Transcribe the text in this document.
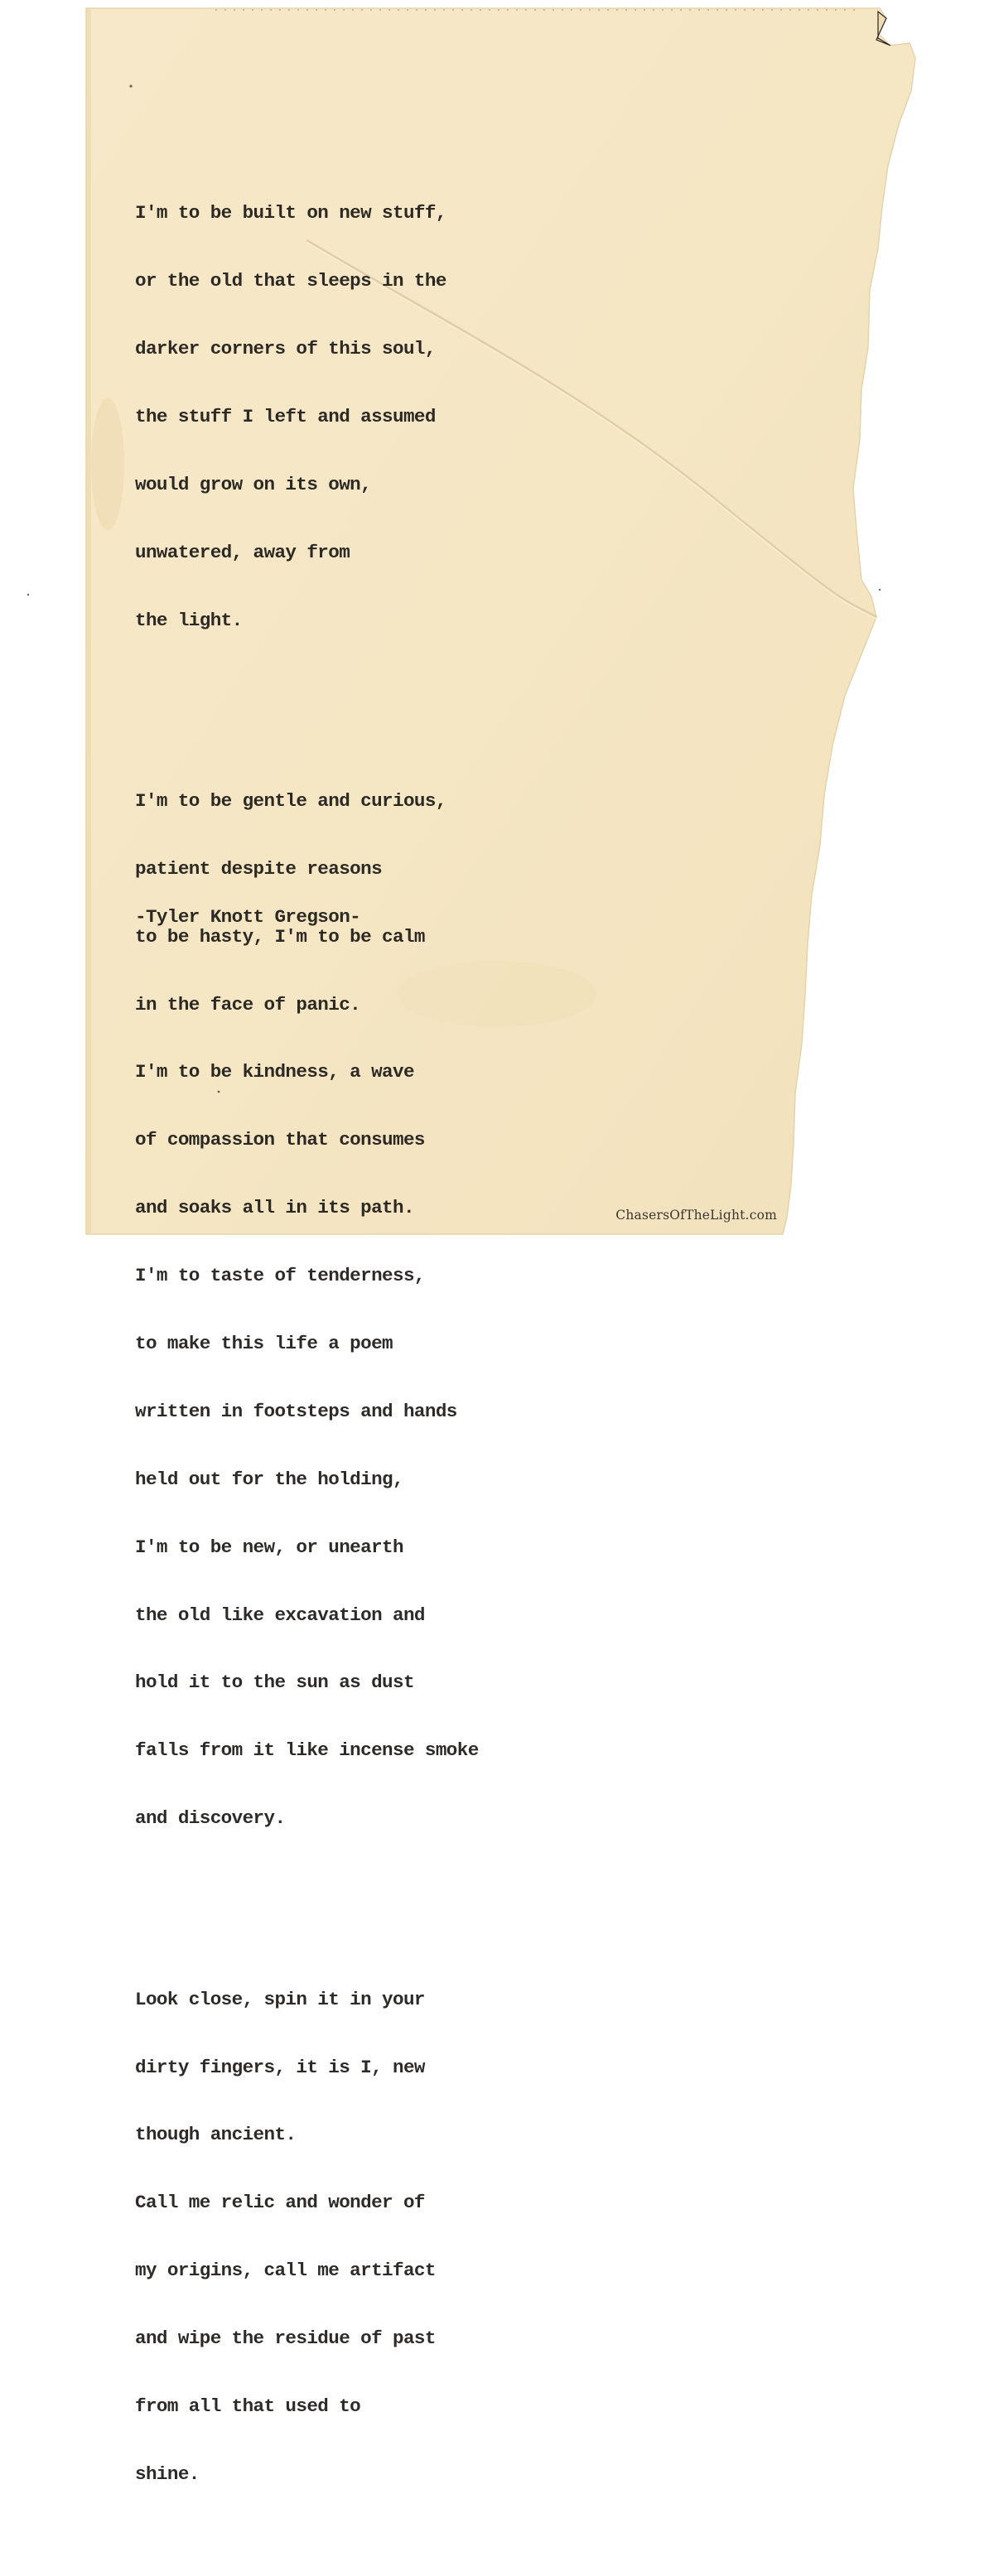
I'm to be built on new stuff,

or the old that sleeps in the

darker corners of this soul,

the stuff I left and assumed

would grow on its own,

unwatered, away from

the light.

I'm to be gentle and curious,

patient despite reasons

to be hasty, I'm to be calm

in the face of panic.

I'm to be kindness, a wave

of compassion that consumes

and soaks all in its path.

I'm to taste of tenderness,

to make this life a poem

written in footsteps and hands

held out for the holding,

I'm to be new, or unearth

the old like excavation and

hold it to the sun as dust

falls from it like incense smoke

and discovery.

Look close, spin it in your

dirty fingers, it is I, new

though ancient.

Call me relic and wonder of

my origins, call me artifact

and wipe the residue of past

from all that used to

shine.

-Tyler Knott Gregson-
ChasersOfTheLight.com
